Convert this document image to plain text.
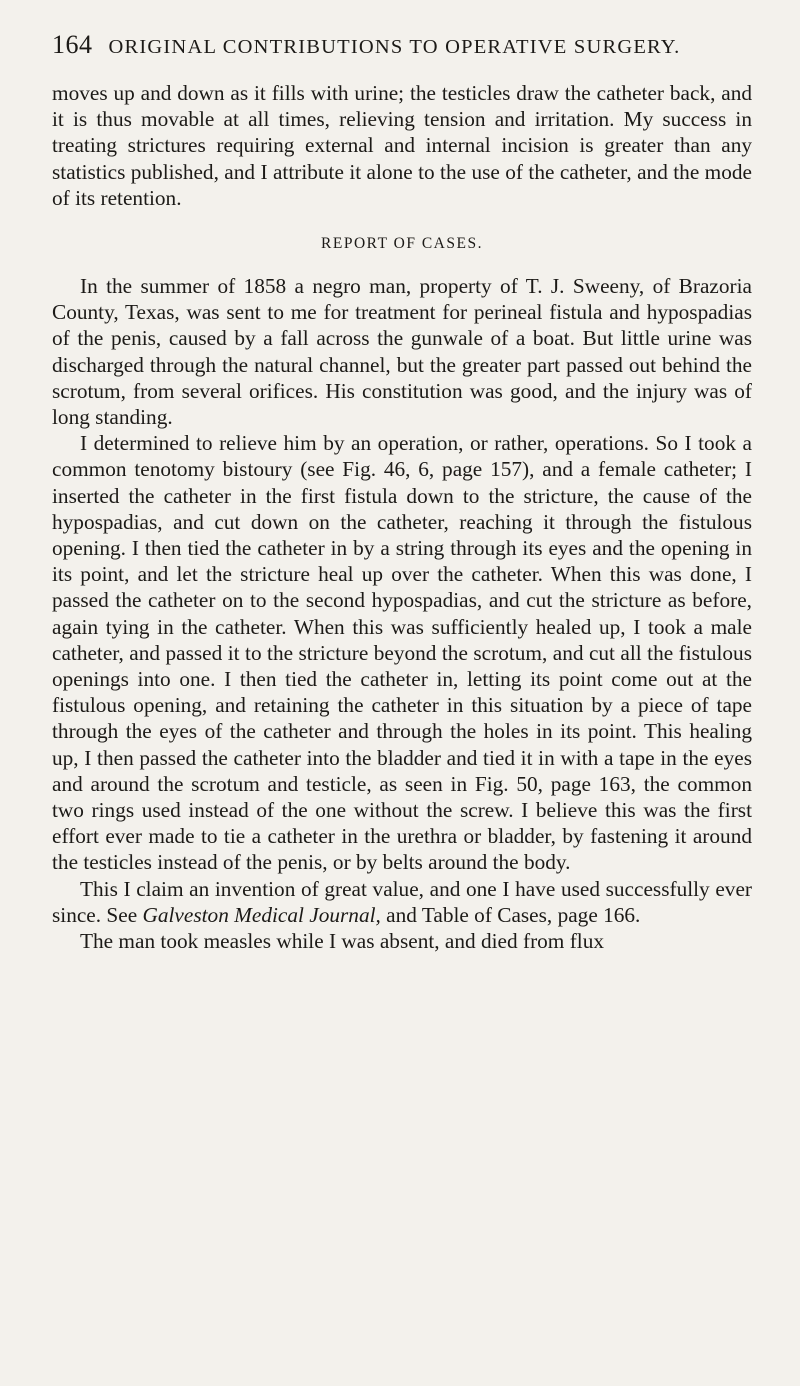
164 ORIGINAL CONTRIBUTIONS TO OPERATIVE SURGERY.

moves up and down as it fills with urine; the testicles draw the catheter back, and it is thus movable at all times, relieving tension and irritation. My success in treating strictures requiring external and internal incision is greater than any statistics published, and I attribute it alone to the use of the catheter, and the mode of its retention.

REPORT OF CASES.

In the summer of 1858 a negro man, property of T. J. Sweeny, of Brazoria County, Texas, was sent to me for treatment for perineal fistula and hypospadias of the penis, caused by a fall across the gunwale of a boat. But little urine was discharged through the natural channel, but the greater part passed out behind the scrotum, from several orifices. His constitution was good, and the injury was of long standing.

I determined to relieve him by an operation, or rather, operations. So I took a common tenotomy bistoury (see Fig. 46, 6, page 157), and a female catheter; I inserted the catheter in the first fistula down to the stricture, the cause of the hypospadias, and cut down on the catheter, reaching it through the fistulous opening. I then tied the catheter in by a string through its eyes and the opening in its point, and let the stricture heal up over the catheter. When this was done, I passed the catheter on to the second hypospadias, and cut the stricture as before, again tying in the catheter. When this was sufficiently healed up, I took a male catheter, and passed it to the stricture beyond the scrotum, and cut all the fistulous openings into one. I then tied the catheter in, letting its point come out at the fistulous opening, and retaining the catheter in this situation by a piece of tape through the eyes of the catheter and through the holes in its point. This healing up, I then passed the catheter into the bladder and tied it in with a tape in the eyes and around the scrotum and testicle, as seen in Fig. 50, page 163, the common two rings used instead of the one without the screw. I believe this was the first effort ever made to tie a catheter in the urethra or bladder, by fastening it around the testicles instead of the penis, or by belts around the body.

This I claim an invention of great value, and one I have used successfully ever since. See Galveston Medical Journal, and Table of Cases, page 166.

The man took measles while I was absent, and died from flux
